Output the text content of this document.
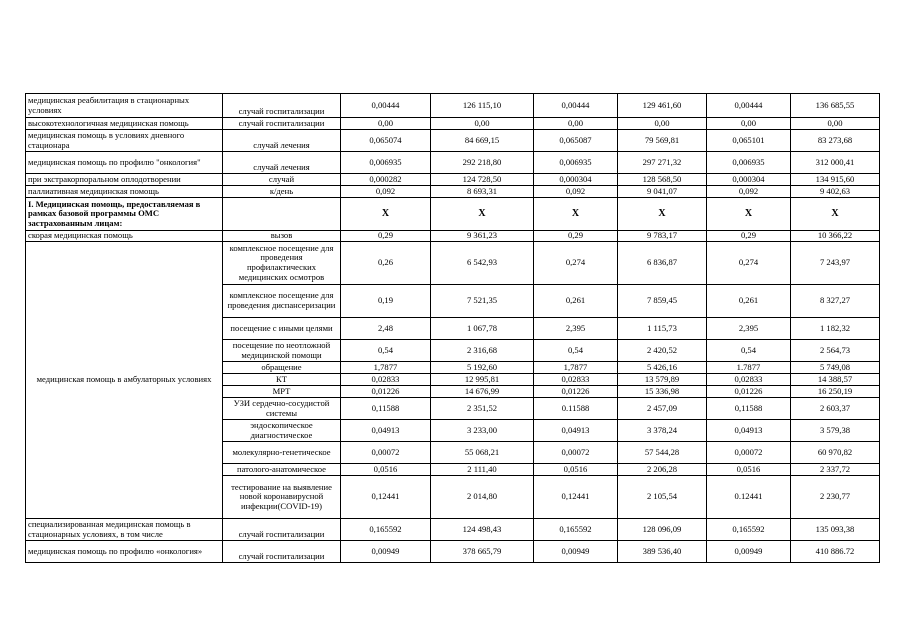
медицинская реабилитация в стационарных условиях	случай госпитализации	0,00444	126 115,10	0,00444	129 461,60	0,00444	136 685,55
высокотехнологичная медицинская помощь	случай госпитализации	0,00	0,00	0,00	0,00	0,00	0,00
медицинская помощь в условиях дневного стационара	случай лечения	0,065074	84 669,15	0,065087	79 569,81	0,065101	83 273,68
медицинская помощь по профилю "онкология"	случай лечения	0,006935	292 218,80	0,006935	297 271,32	0,006935	312 000,41
при экстракорпоральном оплодотворении	случай	0,000282	124 728,50	0,000304	128 568,50	0,000304	134 915,60
паллиативная медицинская помощь	к/день	0,092	8 693,31	0,092	9 041,07	0,092	9 402,63
I. Медицинская помощь, предоставляемая в рамках базовой программы ОМС застрахованным лицам:		X	X	X	X	X	X
скорая медицинская помощь	вызов	0,29	9 361,23	0,29	9 783,17	0,29	10 366,22
медицинская помощь в амбулаторных условиях	комплексное посещение для проведения профилактических медицинских осмотров	0,26	6 542,93	0,274	6 836,87	0,274	7 243,97
	комплексное посещение для проведения диспансеризации	0,19	7 521,35	0,261	7 859,45	0,261	8 327,27
	посещение с иными целями	2,48	1 067,78	2,395	1 115,73	2,395	1 182,32
	посещение по неотложной медицинской помощи	0,54	2 316,68	0,54	2 420,52	0,54	2 564,73
	обращение	1,7877	5 192,60	1,7877	5 426,16	1.7877	5 749,08
	КТ	0,02833	12 995,81	0,02833	13 579,89	0,02833	14 388,57
	МРТ	0,01226	14 676,99	0,01226	15 336,98	0,01226	16 250,19
	УЗИ сердечно-сосудистой системы	0,11588	2 351,52	0.11588	2 457,09	0,11588	2 603,37
	эндоскопическое диагностическое	0,04913	3 233,00	0,04913	3 378,24	0,04913	3 579,38
	молекулярно-генетическое	0,00072	55 068,21	0,00072	57 544,28	0,00072	60 970,82
	патолого-анатомическое	0,0516	2 111,40	0,0516	2 206,28	0,0516	2 337,72
	тестирование на выявление новой коронавирусной инфекции(COVID-19)	0,12441	2 014,80	0,12441	2 105,54	0.12441	2 230,77
специализированная медицинская помощь в стационарных условиях, в том числе	случай госпитализации	0,165592	124 498,43	0,165592	128 096,09	0,165592	135 093,38
медицинская помощь по профилю «онкология»	случай госпитализации	0,00949	378 665,79	0,00949	389 536,40	0,00949	410 886.72
